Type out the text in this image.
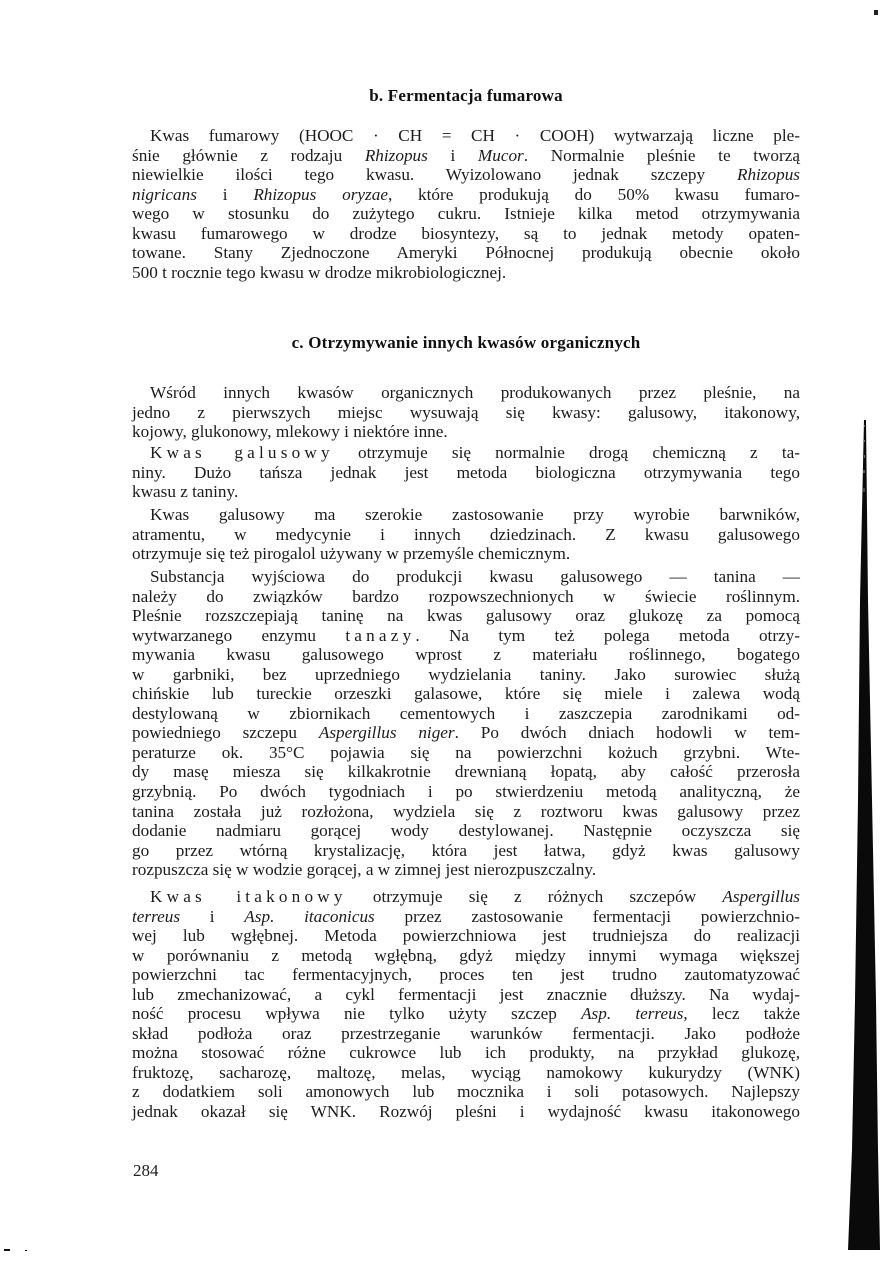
b. Fermentacja fumarowa
Kwas fumarowy (HOOC · CH = CH · COOH) wytwarzają liczne ple-
śnie głównie z rodzaju Rhizopus i Mucor. Normalnie pleśnie te tworzą
niewielkie ilości tego kwasu. Wyizolowano jednak szczepy Rhizopus
nigricans i Rhizopus oryzae, które produkują do 50% kwasu fumaro-
wego w stosunku do zużytego cukru. Istnieje kilka metod otrzymywania
kwasu fumarowego w drodze biosyntezy, są to jednak metody opaten-
towane. Stany Zjednoczone Ameryki Północnej produkują obecnie około
500 t rocznie tego kwasu w drodze mikrobiologicznej.
c. Otrzymywanie innych kwasów organicznych
Wśród innych kwasów organicznych produkowanych przez pleśnie, na
jedno z pierwszych miejsc wysuwają się kwasy: galusowy, itakonowy,
kojowy, glukonowy, mlekowy i niektóre inne.
Kwas galusowy otrzymuje się normalnie drogą chemiczną z ta-
niny. Dużo tańsza jednak jest metoda biologiczna otrzymywania tego
kwasu z taniny.
Kwas galusowy ma szerokie zastosowanie przy wyrobie barwników,
atramentu, w medycynie i innych dziedzinach. Z kwasu galusowego
otrzymuje się też pirogalol używany w przemyśle chemicznym.
Substancja wyjściowa do produkcji kwasu galusowego — tanina —
należy do związków bardzo rozpowszechnionych w świecie roślinnym.
Pleśnie rozszczepiają taninę na kwas galusowy oraz glukozę za pomocą
wytwarzanego enzymu tanazy. Na tym też polega metoda otrzy-
mywania kwasu galusowego wprost z materiału roślinnego, bogatego
w garbniki, bez uprzedniego wydzielania taniny. Jako surowiec służą
chińskie lub tureckie orzeszki galasowe, które się miele i zalewa wodą
destylowaną w zbiornikach cementowych i zaszczepia zarodnikami od-
powiedniego szczepu Aspergillus niger. Po dwóch dniach hodowli w tem-
peraturze ok. 35°C pojawia się na powierzchni kożuch grzybni. Wte-
dy masę miesza się kilkakrotnie drewnianą łopatą, aby całość przerosła
grzybnią. Po dwóch tygodniach i po stwierdzeniu metodą analityczną, że
tanina została już rozłożona, wydziela się z roztworu kwas galusowy przez
dodanie nadmiaru gorącej wody destylowanej. Następnie oczyszcza się
go przez wtórną krystalizację, która jest łatwa, gdyż kwas galusowy
rozpuszcza się w wodzie gorącej, a w zimnej jest nierozpuszczalny.
Kwas itakonowy otrzymuje się z różnych szczepów Aspergillus
terreus i Asp. itaconicus przez zastosowanie fermentacji powierzchnio-
wej lub wgłębnej. Metoda powierzchniowa jest trudniejsza do realizacji
w porównaniu z metodą wgłębną, gdyż między innymi wymaga większej
powierzchni tac fermentacyjnych, proces ten jest trudno zautomatyzować
lub zmechanizować, a cykl fermentacji jest znacznie dłuższy. Na wydaj-
ność procesu wpływa nie tylko użyty szczep Asp. terreus, lecz także
skład podłoża oraz przestrzeganie warunków fermentacji. Jako podłoże
można stosować różne cukrowce lub ich produkty, na przykład glukozę,
fruktozę, sacharozę, maltozę, melas, wyciąg namokowy kukurydzy (WNK)
z dodatkiem soli amonowych lub mocznika i soli potasowych. Najlepszy
jednak okazał się WNK. Rozwój pleśni i wydajność kwasu itakonowego
284
